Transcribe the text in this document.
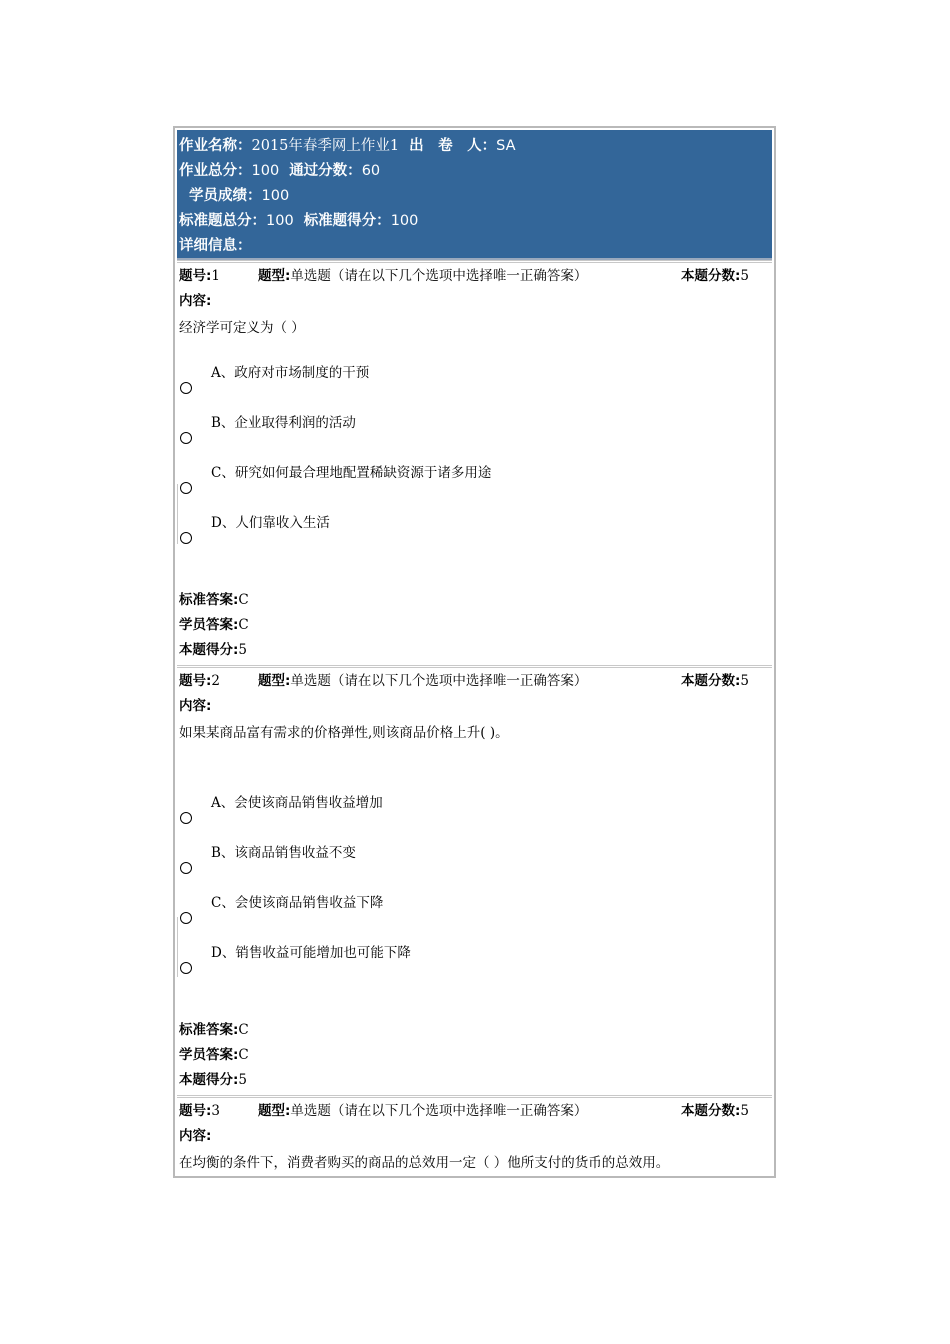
作业名称：2015年春季网上作业1 出　卷　人：SA
作业总分：100 通过分数：60
学员成绩：100
标准题总分：100 标准题得分：100
详细信息：
题号:1	题型:单选题（请在以下几个选项中选择唯一正确答案）	本题分数:5
内容:
经济学可定义为（ ）
A、政府对市场制度的干预
B、企业取得利润的活动
C、研究如何最合理地配置稀缺资源于诸多用途
D、人们靠收入生活
标准答案:C
学员答案:C
本题得分:5
题号:2	题型:单选题（请在以下几个选项中选择唯一正确答案）	本题分数:5
内容:
如果某商品富有需求的价格弹性,则该商品价格上升( )。
A、会使该商品销售收益增加
B、该商品销售收益不变
C、会使该商品销售收益下降
D、销售收益可能增加也可能下降
标准答案:C
学员答案:C
本题得分:5
题号:3	题型:单选题（请在以下几个选项中选择唯一正确答案）	本题分数:5
内容:
在均衡的条件下，消费者购买的商品的总效用一定（ ）他所支付的货币的总效用。
